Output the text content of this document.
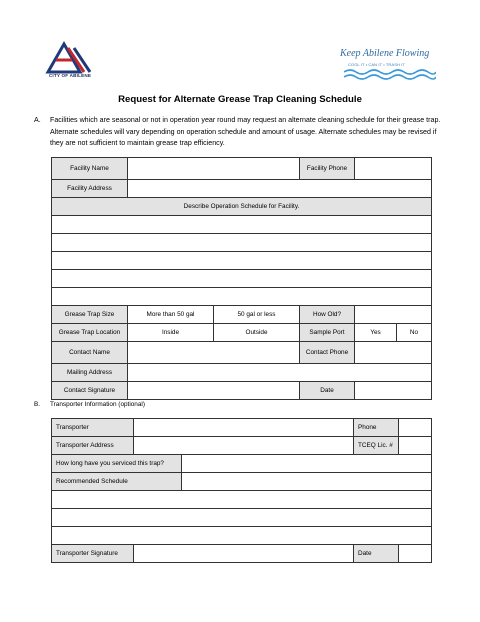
CITY OF ABILENE
Keep Abilene Flowing
COOL IT • CAN IT • TRASH IT
Request for Alternate Grease Trap Cleaning Schedule
A. Facilities which are seasonal or not in operation year round may request an alternate cleaning schedule for their grease trap. Alternate schedules will vary depending on operation schedule and amount of usage. Alternate schedules may be revised if they are not sufficient to maintain grease trap efficiency.
Facility Name			Facility Phone		
Facility Address					
Describe Operation Schedule for Facility.					

Grease Trap Size	More than 50 gal	50 gal or less	How Old?		
Grease Trap Location	Inside	Outside	Sample Port	Yes	No
Contact Name			Contact Phone		
Mailing Address					
Contact Signature			Date		
B. Transporter Information (optional)
Transporter			Phone	
Transporter Address			TCEQ Lic. #	
How long have you serviced this trap?				
Recommended Schedule				

Transporter Signature			Date	
